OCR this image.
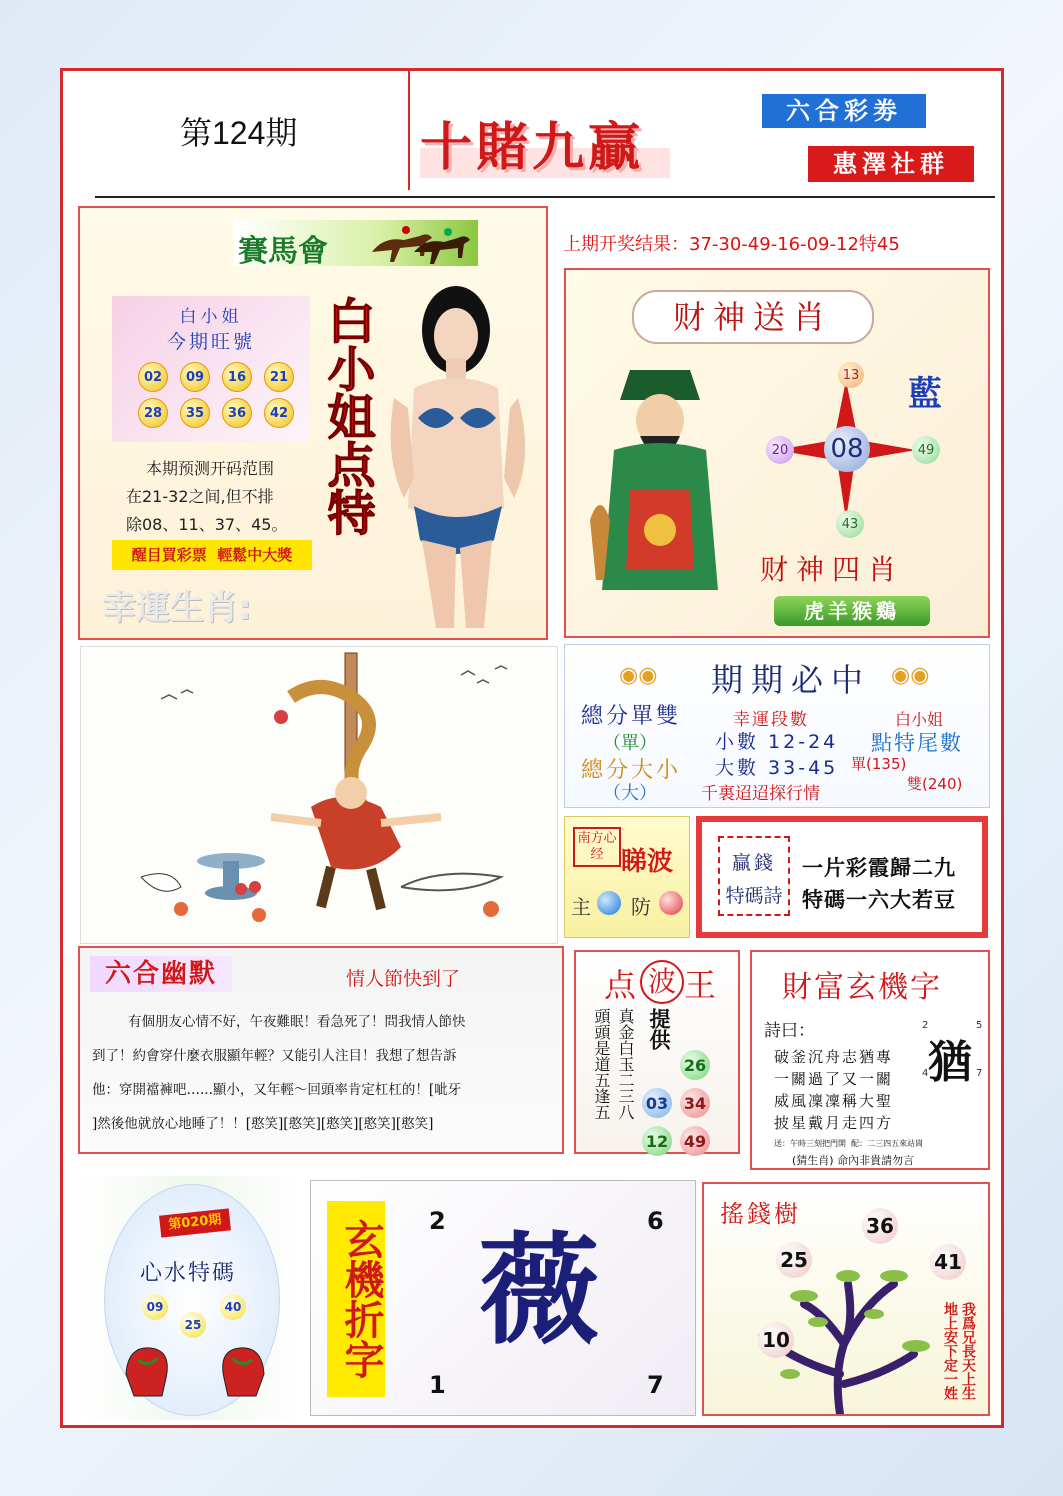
第124期 十賭九贏
六合彩劵
惠澤社群
賽馬會
白小姐
今期旺號
02	09	16	21
28	35	36	42 白小姐点特
本期预测开码范围
在21-32之间,但不排
除08、11、37、45。
醒目買彩票  輕鬆中大獎
幸運生肖:
上期开奖结果：37-30-49-16-09-12特45
财神送肖
08
13
20	49
43
藍
财神四肖
虎羊猴鷄
◉◉ 期期必中 ◉◉
總分單雙	幸運段數	白小姐
（單）	小數 12-24 點特尾數
總分大小 大數 33-45 單(135)
（大）	千裏迢迢探行情	雙(240)
南方心经 睇波
主 防
贏錢
特碼詩
一片彩霞歸二九
特碼一六大若豆
六合幽默	情人節快到了
有個朋友心情不好，午夜難眠！看急死了！問我情人節快
到了！約會穿什麼衣服顯年輕？又能引人注目！我想了想告訴
他：穿開襠褲吧…...顯小，又年輕～回頭率肯定杠杠的！[呲牙
]然後他就放心地睡了！！[憨笑][憨笑][憨笑][憨笑][憨笑]
点 波 王
頭頭是道五逢五 真金白玉二三八 提供
26
03 34
12 49
財富玄機字
詩曰：	2	5
猶
4	7
破釜沉舟志猶專
一關過了又一關
威風凜凜稱大聖
披星戴月走四方
送：午時三刻把門開  配：二三四五來站崗
(猜生肖) 命內非貴請勿言
第020期
心水特碼
09
25
40 玄機折字 2	6
薇
1	7
搖錢樹	36
25	41
10	我爲兄長天上生
地上安下定一姓
